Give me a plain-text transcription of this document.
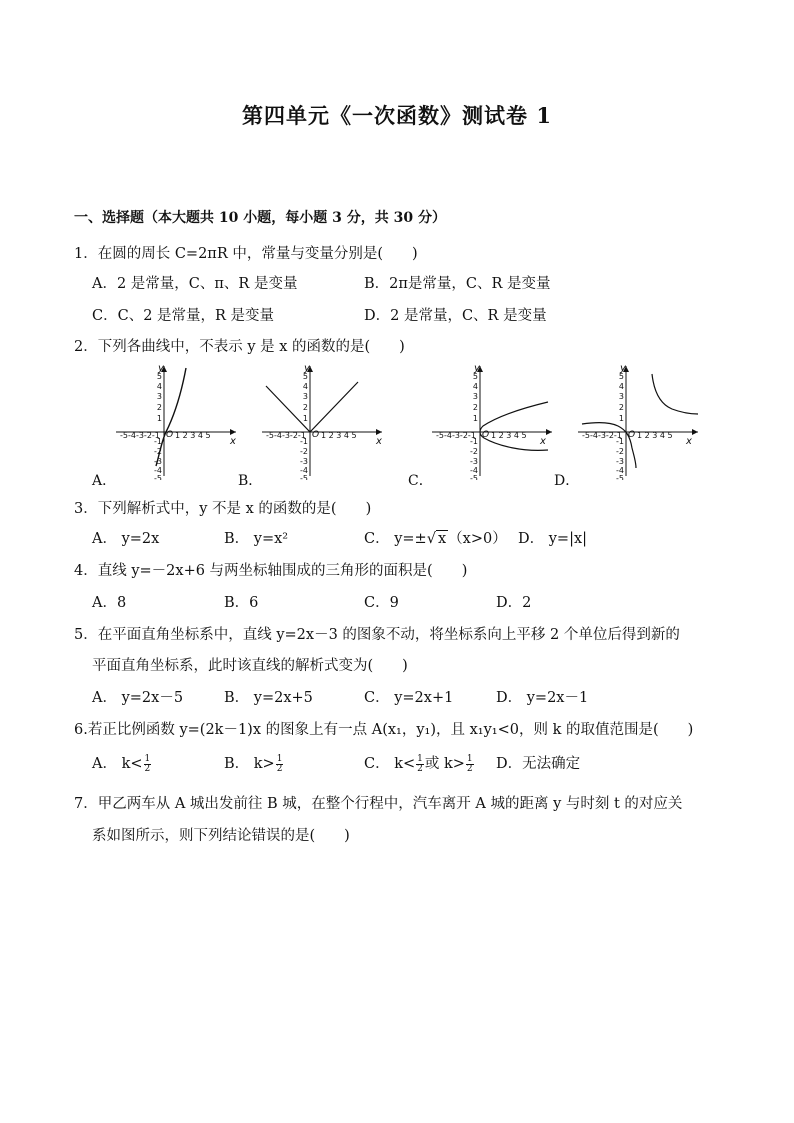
第四单元《一次函数》测试卷 1
一、选择题（本大题共 10 小题，每小题 3 分，共 30 分）
1．在圆的周长 C=2πR 中，常量与变量分别是(　　)
A．2 是常量，C、π、R 是变量	B．2π是常量，C、R 是变量
C．C、2 是常量，R 是变量	D．2 是常量，C、R 是变量
2．下列各曲线中，不表示 y 是 x 的函数的是(　　)
-5-4-3-2-1 1 2 3 4 5
x
y
O
5
4
3
2
1
-1
-2
-3
-4
-5
A．
-5-4-3-2-1 1 2 3 4 5
x
y
O
5
4
3
2
1
-1
-2
-3
-4
-5
B．
-5-4-3-2-1 1 2 3 4 5
x
y
O
5
4
3
2
1
-1
-2
-3
-4
-5
C．
-5-4-3-2-1 1 2 3 4 5
x
y
O
5
4
3
2
1
-1
-2
-3
-4
-5
D．
3．下列解析式中，y 不是 x 的函数的是(　　)
A． y=2x	B． y=x²	C． y=±√ x （x>0） D． y=|x|
4．直线 y=－2x+6 与两坐标轴围成的三角形的面积是(　　)
A．8	B．6	C．9	D．2
5．在平面直角坐标系中，直线 y=2x－3 的图象不动，将坐标系向上平移 2 个单位后得到新的
平面直角坐标系，此时该直线的解析式变为(　　)
A． y=2x－5	B． y=2x+5	C． y=2x+1	D． y=2x－1
6.若正比例函数 y=(2k－1)x 的图象上有一点 A(x₁，y₁)，且 x₁y₁<0，则 k 的取值范围是(　　)
A． $k< \frac{1}{2}$	B． $k> \frac{1}{2}$	C． $k< \frac{1}{2}$ 或 $k> \frac{1}{2}$ D．无法确定
7．甲乙两车从 A 城出发前往 B 城，在整个行程中，汽车离开 A 城的距离 y 与时刻 t 的对应关
系如图所示，则下列结论错误的是(　　)
